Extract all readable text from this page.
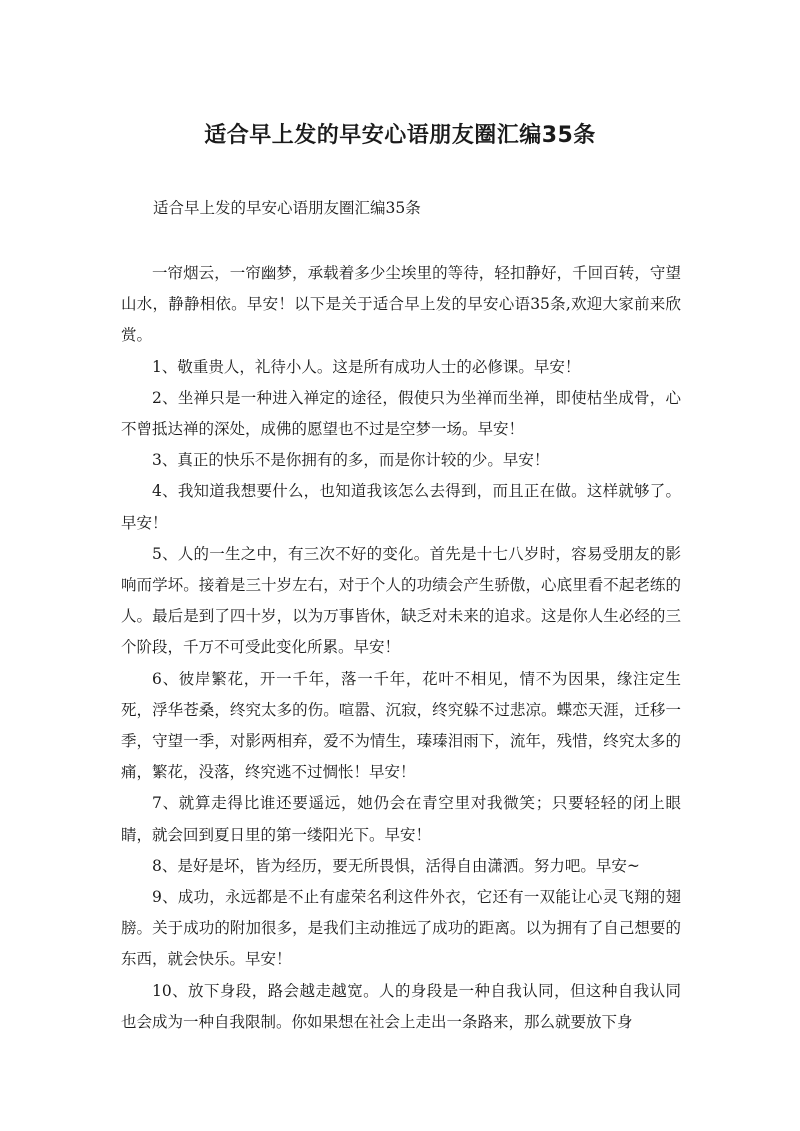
适合早上发的早安心语朋友圈汇编35条
适合早上发的早安心语朋友圈汇编35条

一帘烟云，一帘幽梦，承载着多少尘埃里的等待，轻扣静好，千回百转，守望山水，静静相依。早安！以下是关于适合早上发的早安心语35条,欢迎大家前来欣赏。

1、敬重贵人，礼待小人。这是所有成功人士的必修课。早安！

2、坐禅只是一种进入禅定的途径，假使只为坐禅而坐禅，即使枯坐成骨，心不曾抵达禅的深处，成佛的愿望也不过是空梦一场。早安！

3、真正的快乐不是你拥有的多，而是你计较的少。早安！

4、我知道我想要什么，也知道我该怎么去得到，而且正在做。这样就够了。早安！

5、人的一生之中，有三次不好的变化。首先是十七八岁时，容易受朋友的影响而学坏。接着是三十岁左右，对于个人的功绩会产生骄傲，心底里看不起老练的人。最后是到了四十岁，以为万事皆休，缺乏对未来的追求。这是你人生必经的三个阶段，千万不可受此变化所累。早安！

6、彼岸繁花，开一千年，落一千年，花叶不相见，情不为因果，缘注定生死，浮华苍桑，终究太多的伤。喧嚣、沉寂，终究躲不过悲凉。蝶恋天涯，迁移一季，守望一季，对影两相弃，爱不为情生，瑧瑧泪雨下，流年，残惜，终究太多的痛，繁花，没落，终究逃不过惆怅！早安！

7、就算走得比谁还要遥远，她仍会在青空里对我微笑；只要轻轻的闭上眼睛，就会回到夏日里的第一缕阳光下。早安！

8、是好是坏，皆为经历，要无所畏惧，活得自由潇洒。努力吧。早安~

9、成功，永远都是不止有虚荣名利这件外衣，它还有一双能让心灵飞翔的翅膀。关于成功的附加很多，是我们主动推远了成功的距离。以为拥有了自己想要的东西，就会快乐。早安！

10、放下身段，路会越走越宽。人的身段是一种自我认同，但这种自我认同也会成为一种自我限制。你如果想在社会上走出一条路来，那么就要放下身
